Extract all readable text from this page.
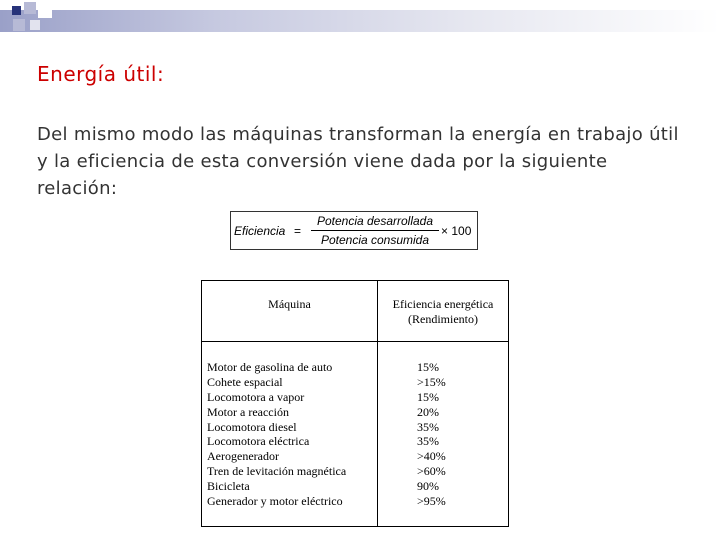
Energía útil:

Del mismo modo las máquinas transforman la energía en trabajo útil y la eficiencia de esta conversión viene dada por la siguiente relación:

Eficiencia =
Potencia desarrollada
Potencia consumida
× 100
Máquina	Eficiencia energética (Rendimiento)
Motor de gasolina de auto
Cohete espacial
Locomotora a vapor
Motor a reacción
Locomotora diesel
Locomotora eléctrica
Aerogenerador
Tren de levitación magnética
Bicicleta
Generador y motor eléctrico
15%
>15%
15%
20%
35%
35%
>40%
>60%
90%
>95%
